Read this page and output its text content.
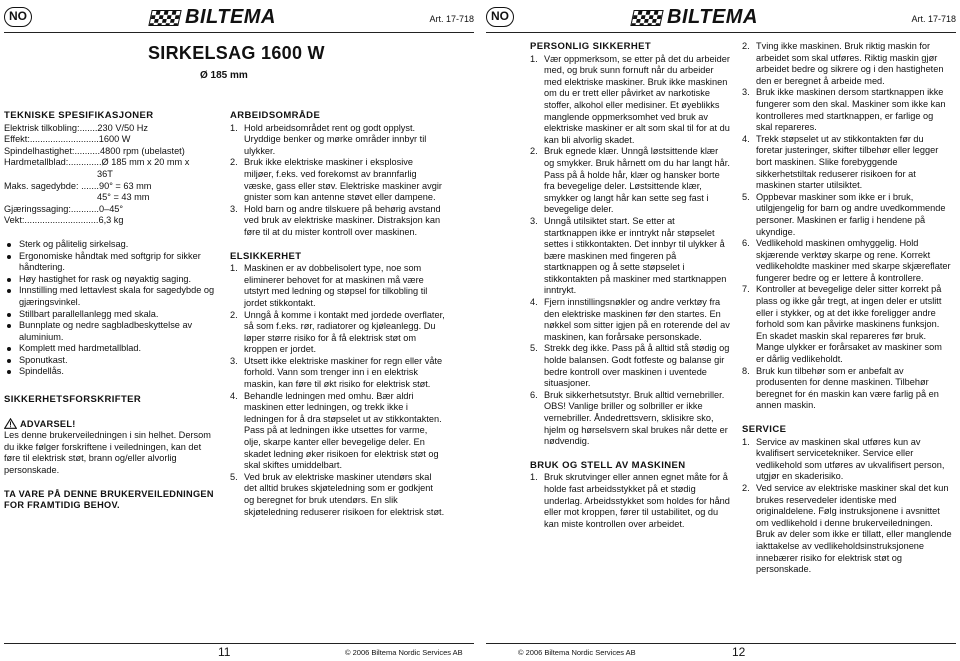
NO	BILTEMA	Art. 17-718
SIRKELSAG 1600 W
Ø 185 mm
TEKNISKE SPESIFIKASJONER

Elektrisk tilkobling:.......230 V/50 Hz

Effekt:...........................1600 W

Spindelhastighet:..........4800 rpm (ubelastet)

Hardmetallblad:.............Ø 185 mm x 20 mm x

36T

Maks. sagedybde: .......90° = 63 mm

45° = 43 mm

Gjæringssaging:...........0–45°

Vekt:.............................6,3 kg

Sterk og pålitelig sirkelsag.
Ergonomiske håndtak med softgrip for sikker håndtering.
Høy hastighet for rask og nøyaktig saging.
Innstilling med lettavlest skala for sagedybde og gjæringsvinkel.
Stillbart parallellanlegg med skala.
Bunnplate og nedre sagbladbeskyttelse av aluminium.
Komplett med hardmetallblad.
Sponutkast.
Spindellås.
SIKKERHETSFORSKRIFTER
ADVARSEL!

Les denne brukerveiledningen i sin helhet. Dersom du ikke følger forskriftene i veiledningen, kan det føre til elektrisk støt, brann og/eller alvorlig personskade.

TA VARE PÅ DENNE BRUKERVEILEDNINGEN FOR FRAMTIDIG BEHOV.

ARBEIDSOMRÅDE
1. Hold arbeidsområdet rent og godt opplyst. Uryddige benker og mørke områder innbyr til ulykker.
2. Bruk ikke elektriske maskiner i eksplosive miljøer, f.eks. ved forekomst av brannfarlig væske, gass eller støv. Elektriske maskiner avgir gnister som kan antenne støvet eller dampene.
3. Hold barn og andre tilskuere på behørig avstand ved bruk av elektriske maskiner. Distraksjon kan føre til at du mister kontroll over maskinen.
ELSIKKERHET
1. Maskinen er av dobbelisolert type, noe som eliminerer behovet for at maskinen må være utstyrt med ledning og støpsel for tilkobling til jordet stikkontakt.
2. Unngå å komme i kontakt med jordede overflater, så som f.eks. rør, radiatorer og kjøleanlegg. Du løper større risiko for å få elektrisk støt om kroppen er jordet.
3. Utsett ikke elektriske maskiner for regn eller våte forhold. Vann som trenger inn i en elektrisk maskin, kan føre til økt risiko for elektrisk støt.
4. Behandle ledningen med omhu. Bær aldri maskinen etter ledningen, og trekk ikke i ledningen for å dra støpselet ut av stikkontakten. Pass på at ledningen ikke utsettes for varme, olje, skarpe kanter eller bevegelige deler. En skadet ledning øker risikoen for elektrisk støt og skal skiftes umiddelbart.
5. Ved bruk av elektriske maskiner utendørs skal det alltid brukes skjøteledning som er godkjent og beregnet for bruk utendørs. En slik skjøteledning reduserer risikoen for elektrisk støt.
11	© 2006 Biltema Nordic Services AB
NO	BILTEMA	Art. 17-718
PERSONLIG SIKKERHET
1. Vær oppmerksom, se etter på det du arbeider med, og bruk sunn fornuft når du arbeider med elektriske maskiner. Bruk ikke maskinen om du er trett eller påvirket av narkotiske stoffer, alkohol eller medisiner. Et øyeblikks manglende oppmerksomhet ved bruk av elektriske maskiner er alt som skal til for at du kan bli alvorlig skadet.
2. Bruk egnede klær. Unngå løstsittende klær og smykker. Bruk hårnett om du har langt hår. Pass på å holde hår, klær og hansker borte fra bevegelige deler. Løstsittende klær, smykker og langt hår kan sette seg fast i bevegelige deler.
3. Unngå utilsiktet start. Se etter at startknappen ikke er inntrykt når støpselet settes i stikkontakten. Det innbyr til ulykker å bære maskinen med fingeren på startknappen og å sette støpselet i stikkontakten på maskiner med startknappen inntrykt.
4. Fjern innstillingsnøkler og andre verktøy fra den elektriske maskinen før den startes. En nøkkel som sitter igjen på en roterende del av maskinen, kan forårsake personskade.
5. Strekk deg ikke. Pass på å alltid stå stødig og holde balansen. Godt fotfeste og balanse gir bedre kontroll over maskinen i uventede situasjoner.
6. Bruk sikkerhetsutstyr. Bruk alltid vernebriller. OBS! Vanlige briller og solbriller er ikke vernebriller. Åndedrettsvern, sklisikre sko, hjelm og hørselsvern skal brukes når dette er nødvendig.
BRUK OG STELL AV MASKINEN
1. Bruk skrutvinger eller annen egnet måte for å holde fast arbeidsstykket på et stødig underlag. Arbeidsstykket som holdes for hånd eller mot kroppen, fører til ustabilitet, og du kan miste kontrollen over arbeidet.
2. Tving ikke maskinen. Bruk riktig maskin for arbeidet som skal utføres. Riktig maskin gjør arbeidet bedre og sikrere og i den hastigheten den er beregnet å arbeide med.
3. Bruk ikke maskinen dersom startknappen ikke fungerer som den skal. Maskiner som ikke kan kontrolleres med startknappen, er farlige og skal repareres.
4. Trekk støpselet ut av stikkontakten før du foretar justeringer, skifter tilbehør eller legger bort maskinen. Slike forebyggende sikkerhetstiltak reduserer risikoen for at maskinen starter utilsiktet.
5. Oppbevar maskiner som ikke er i bruk, utilgjengelig for barn og andre uvedkommende personer. Maskinen er farlig i hendene på ukyndige.
6. Vedlikehold maskinen omhyggelig. Hold skjærende verktøy skarpe og rene. Korrekt vedlikeholdte maskiner med skarpe skjæreflater fungerer bedre og er lettere å kontrollere.
7. Kontroller at bevegelige deler sitter korrekt på plass og ikke går tregt, at ingen deler er utslitt eller i stykker, og at det ikke foreligger andre forhold som kan påvirke maskinens funksjon. En skadet maskin skal repareres før bruk. Mange ulykker er forårsaket av maskiner som er dårlig vedlikeholdt.
8. Bruk kun tilbehør som er anbefalt av produsenten for denne maskinen. Tilbehør beregnet for én maskin kan være farlig på en annen maskin.
SERVICE
1. Service av maskinen skal utføres kun av kvalifisert servicetekniker. Service eller vedlikehold som utføres av ukvalifisert person, utgjør en skaderisiko.
2. Ved service av elektriske maskiner skal det kun brukes reservedeler identiske med originaldelene. Følg instruksjonene i avsnittet om vedlikehold i denne brukerveiledningen. Bruk av deler som ikke er tillatt, eller manglende iakttakelse av vedlikeholdsinstruksjonene innebærer risiko for elektrisk støt og personskade.
© 2006 Biltema Nordic Services AB	12
